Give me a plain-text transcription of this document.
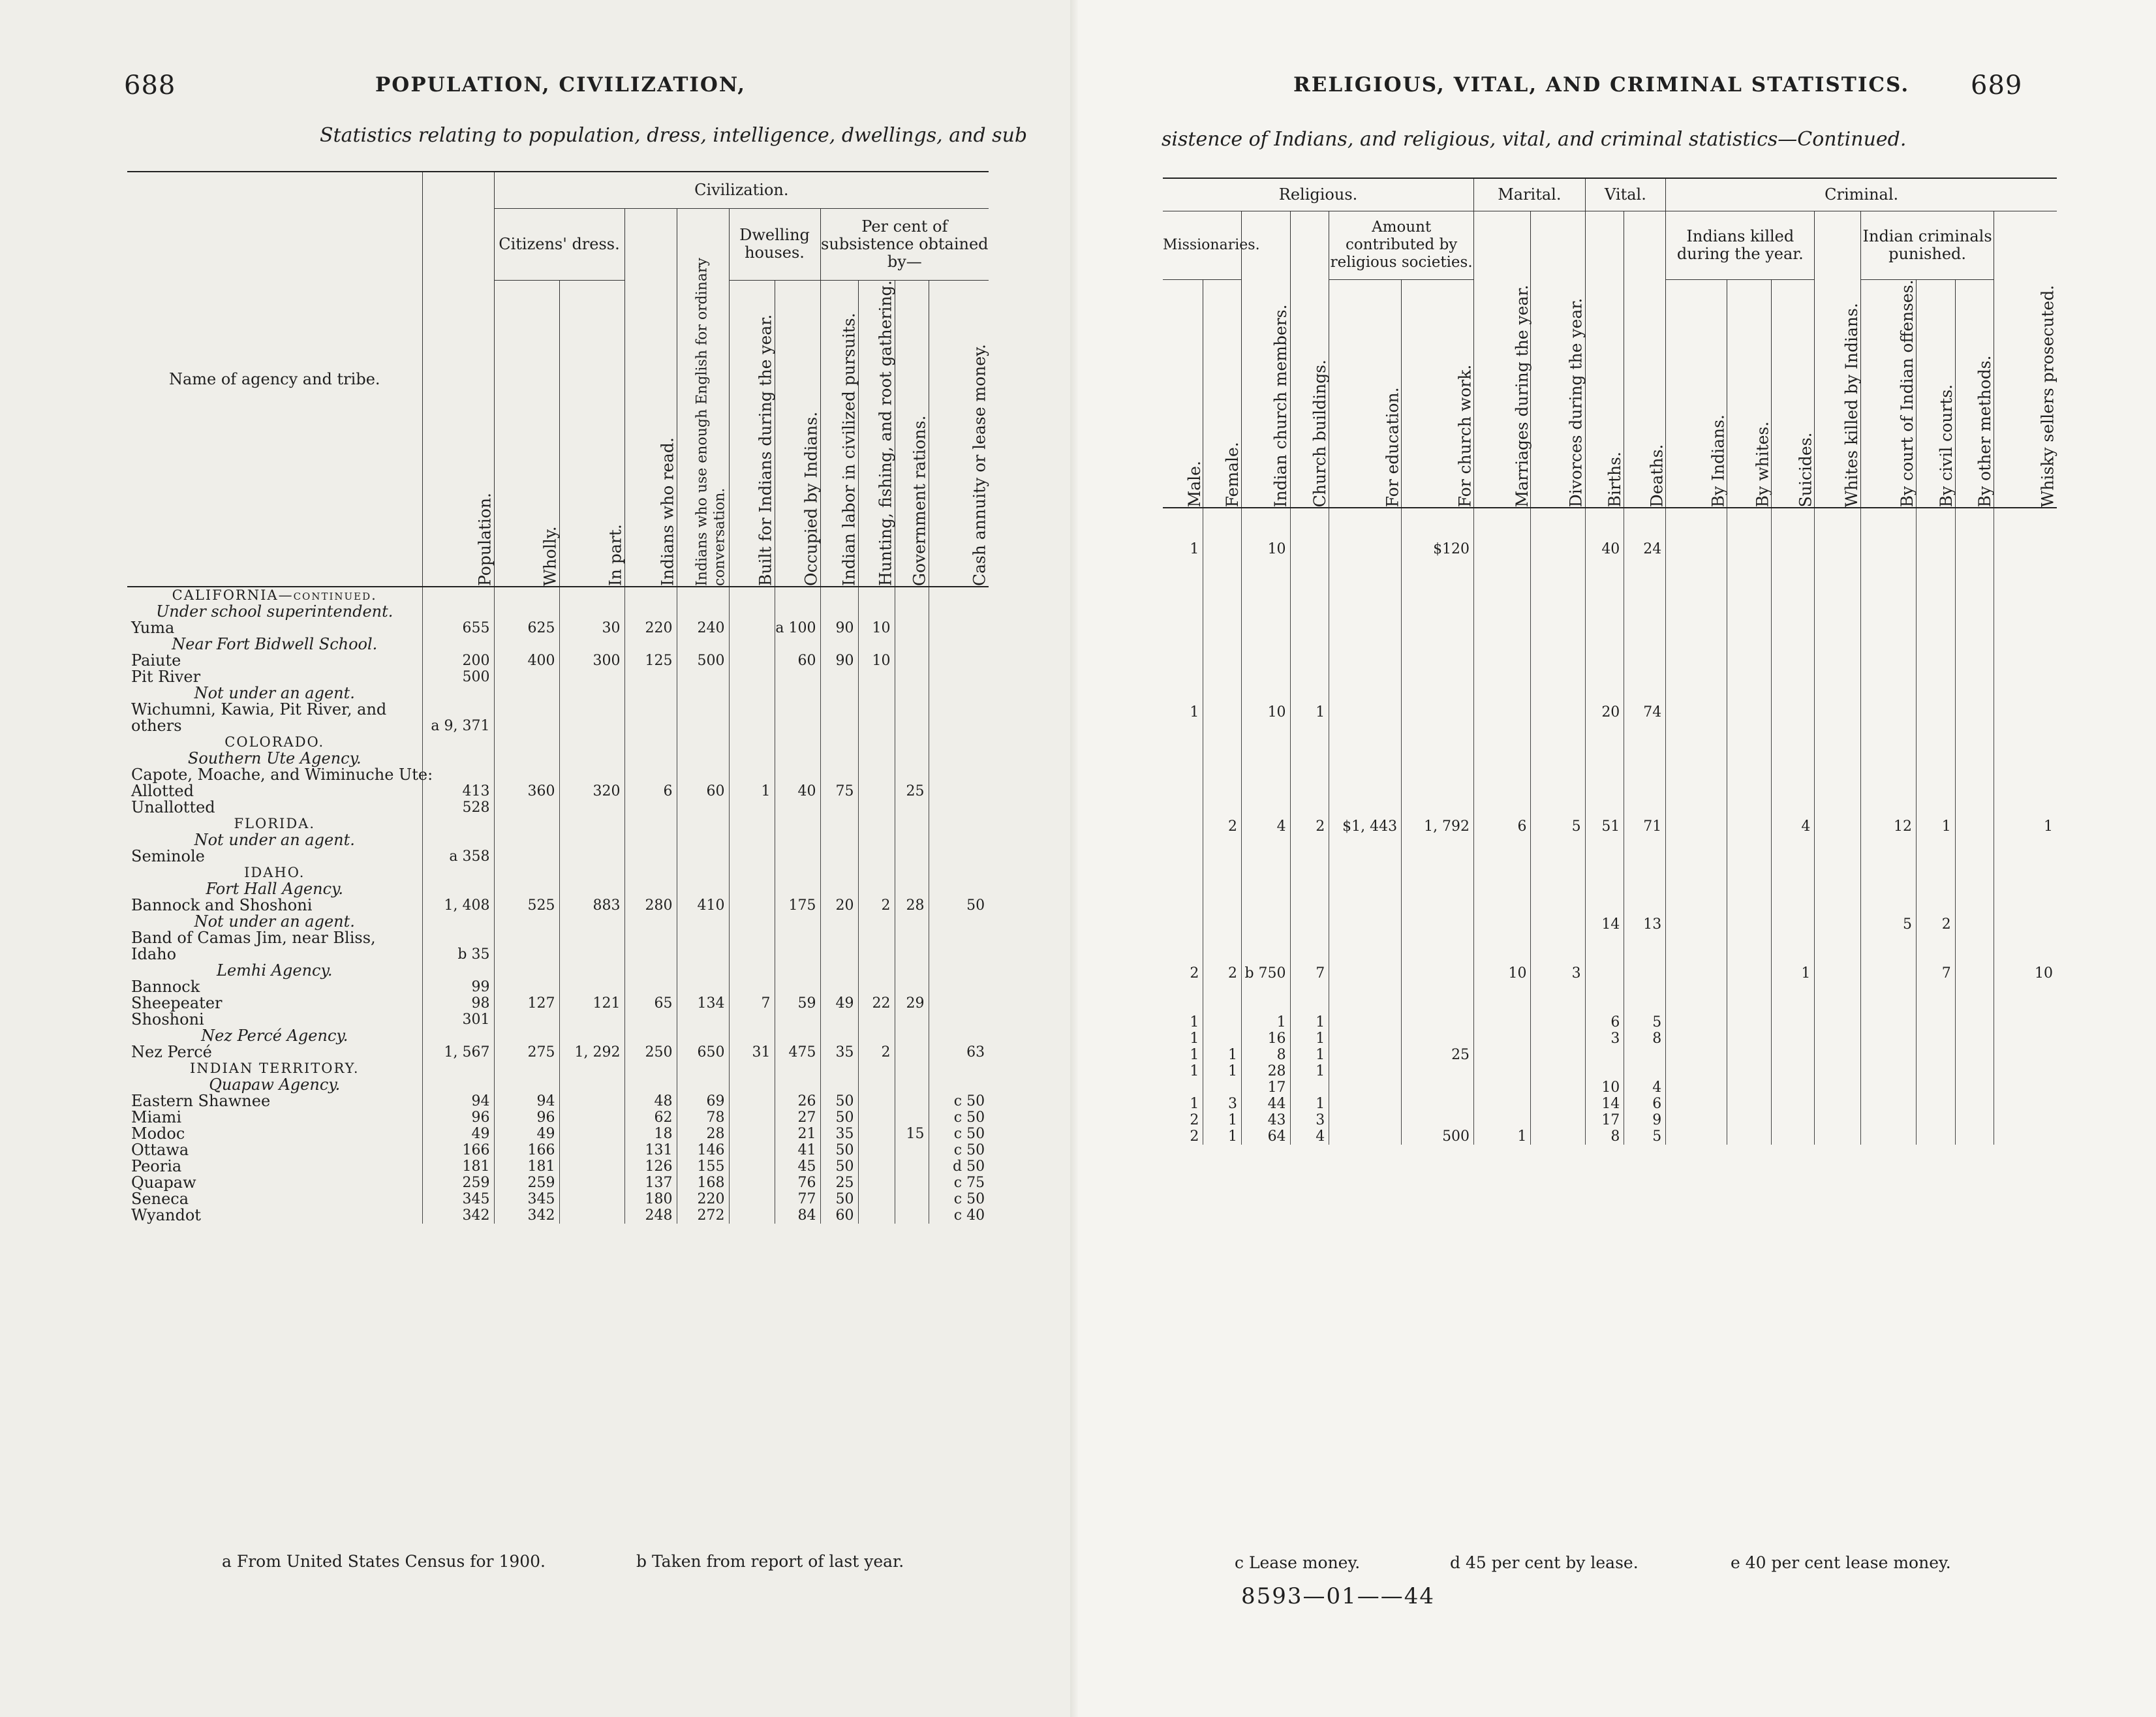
688	POPULATION, CIVILIZATION,
Statistics relating to population, dress, intelligence, dwellings, and sub
Name of agency and tribe.	Population.	Civilization.									
		Citizens' dress.		Indians who read.	Indians who use enough English for ordinary conversation.	Dwelling houses.		Per cent of subsistence obtained by—			
		Wholly.	In part.			Built for Indians during the year.	Occupied by Indians.	Indian labor in civilized pursuits.	Hunting, fishing, and root gathering.	Government rations.	Cash annuity or lease money.
CALIFORNIA—continued.											
Under school superintendent.											
Yuma	655	625	30	220	240		a 100	90	10		
Near Fort Bidwell School.											
Paiute	200	400	300	125	500		60	90	10		
Pit River	500										
Not under an agent.											
Wichumni, Kawia, Pit River, and											
others	a 9, 371										
COLORADO.											
Southern Ute Agency.											
Capote, Moache, and Wiminuche Ute:											
Allotted	413	360	320	6	60	1	40	75		25	
Unallotted	528										
FLORIDA.											
Not under an agent.											
Seminole	a 358										
IDAHO.											
Fort Hall Agency.											
Bannock and Shoshoni	1, 408	525	883	280	410		175	20	2	28	50
Not under an agent.											
Band of Camas Jim, near Bliss,											
Idaho	b 35										
Lemhi Agency.											
Bannock	99										
Sheepeater	98	127	121	65	134	7	59	49	22	29	
Shoshoni	301										
Nez Percé Agency.											
Nez Percé	1, 567	275	1, 292	250	650	31	475	35	2		63
INDIAN TERRITORY.											
Quapaw Agency.											
Eastern Shawnee	94	94		48	69		26	50			c 50
Miami	96	96		62	78		27	50			c 50
Modoc	49	49		18	28		21	35		15	c 50
Ottawa	166	166		131	146		41	50			c 50
Peoria	181	181		126	155		45	50			d 50
Quapaw	259	259		137	168		76	25			c 75
Seneca	345	345		180	220		77	50			c 50
Wyandot	342	342		248	272		84	60			c 40
a From United States Census for 1900.	b Taken from report of last year.
RELIGIOUS, VITAL, AND CRIMINAL STATISTICS. 689
sistence of Indians, and religious, vital, and criminal statistics—Continued.
Religious.						Marital.		Vital.		Criminal.							
Missionaries.		Indian church members.	Church buildings.	Amount contributed by religious societies.		Marriages during the year.	Divorces during the year.	Births.	Deaths.	Indians killed during the year.			Whites killed by Indians.	Indian criminals punished.			Whisky sellers prosecuted.
Male.	Female.			For education.	For church work.					By Indians.	By whites.	Suicides.		By court of Indian offenses.	By civil courts.	By other methods.	

1		10			$120			40	24								

1		10	1					20	74								

	2	4	2	$1, 443	1, 792	6	5	51	71			4		12	1		1

								14	13					5	2		

2	2	b 750	7			10	3					1			7		10

1		1	1					6	5								
1		16	1					3	8								
1	1	8	1		25												
1	1	28	1														
		17						10	4								
1	3	44	1					14	6								
2	1	43	3					17	9								
2	1	64	4		500	1		8	5								
c Lease money.	d 45 per cent by lease.	e 40 per cent lease money.
8593—01——44
